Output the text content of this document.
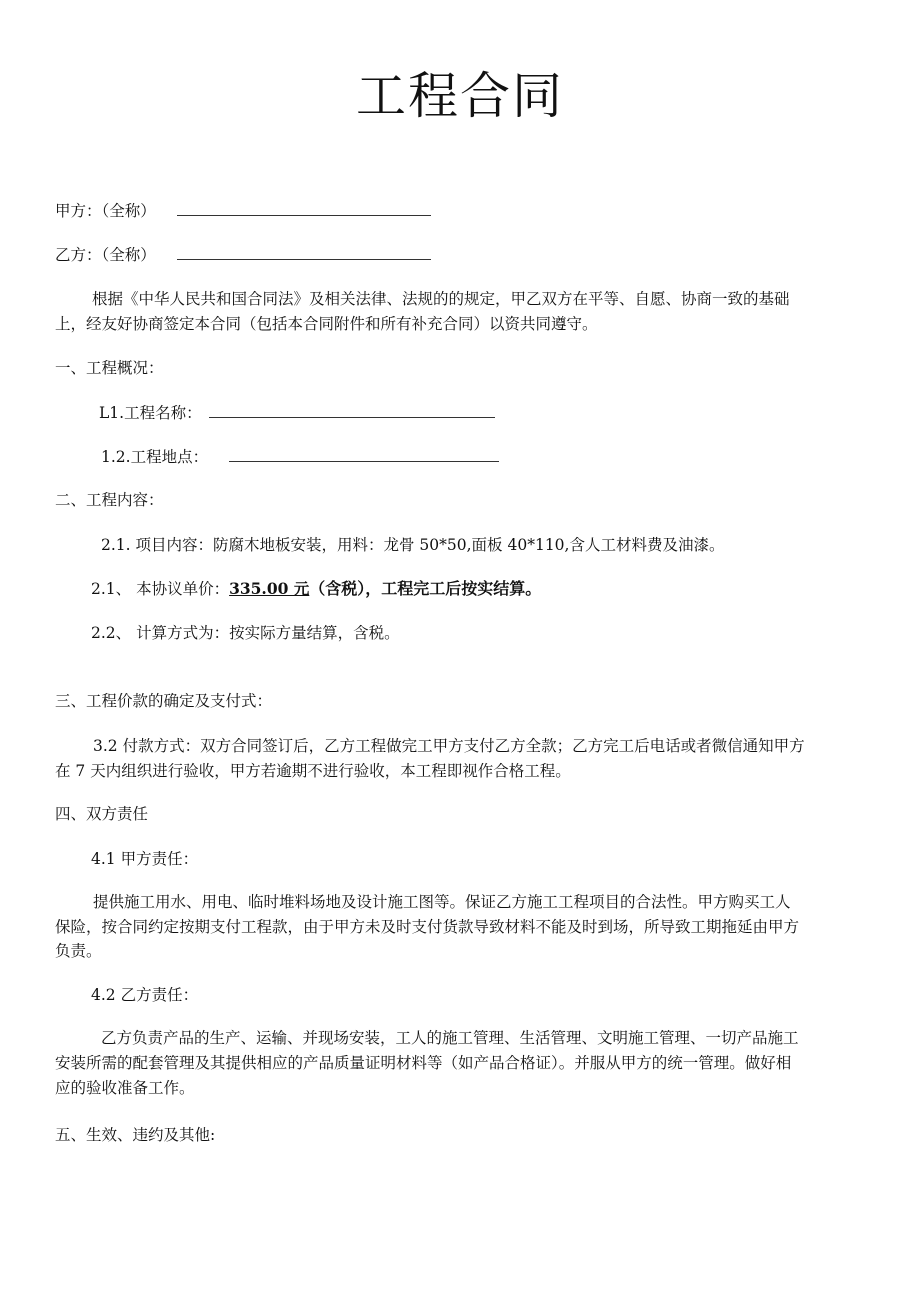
工程合同
甲方：（全称）
乙方：（全称）
根据《中华人民共和国合同法》及相关法律、法规的的规定，甲乙双方在平等、自愿、协商一致的基础
上，经友好协商签定本合同（包括本合同附件和所有补充合同）以资共同遵守。
一、工程概况：
L1.工程名称：
1.2.工程地点：
二、工程内容：
2.1. 项目内容：防腐木地板安装，用料：龙骨 50*50,面板 40*110,含人工材料费及油漆。
2.1、 本协议单价：335.00 元（含税），工程完工后按实结算。
2.2、 计算方式为：按实际方量结算，含税。
三、工程价款的确定及支付式：
3.2 付款方式：双方合同签订后，乙方工程做完工甲方支付乙方全款；乙方完工后电话或者微信通知甲方
在 7 天内组织进行验收，甲方若逾期不进行验收，本工程即视作合格工程。
四、双方责任
4.1 甲方责任：
提供施工用水、用电、临时堆料场地及设计施工图等。保证乙方施工工程项目的合法性。甲方购买工人
保险，按合同约定按期支付工程款，由于甲方未及时支付货款导致材料不能及时到场，所导致工期拖延由甲方
负责。
4.2 乙方责任：
乙方负责产品的生产、运输、并现场安装，工人的施工管理、生活管理、文明施工管理、一切产品施工
安装所需的配套管理及其提供相应的产品质量证明材料等（如产品合格证）。并服从甲方的统一管理。做好相
应的验收准备工作。
五、生效、违约及其他:
